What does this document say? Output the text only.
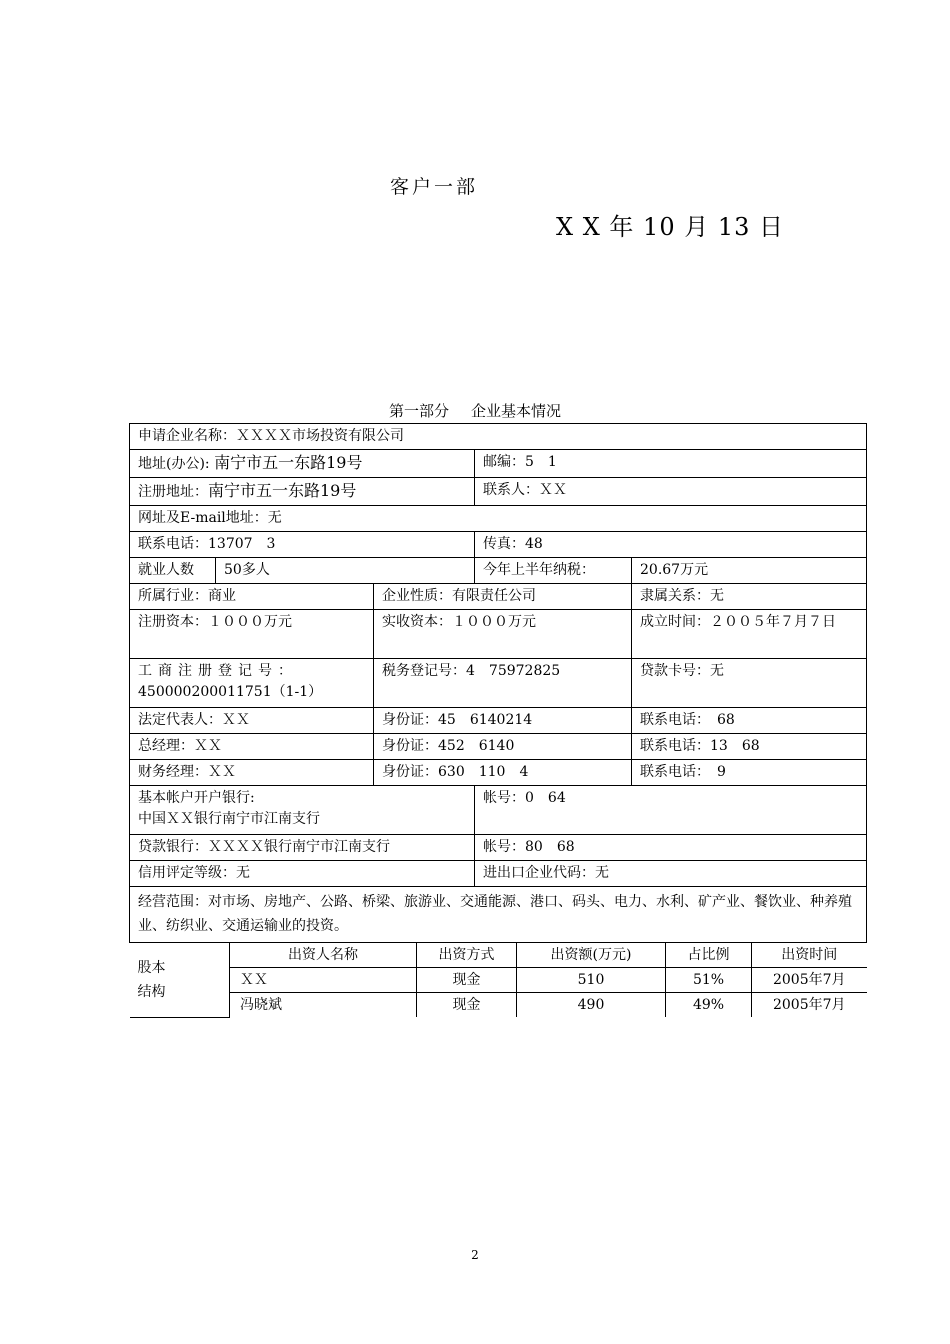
客户一部
X X 年 10 月 13 日
第一部分 企业基本情况
申请企业名称：ＸＸＸＸ市场投资有限公司
地址(办公): 南宁市五一东路19号	邮编：5　1
注册地址：南宁市五一东路19号	联系人：ＸＸ
网址及E-mail地址：无
联系电话：13707　3	传真：48
就业人数	50多人	今年上半年纳税：	20.67万元
所属行业：商业	企业性质：有限责任公司	隶属关系：无
注册资本：１０００万元	实收资本：１０００万元	成立时间：２００５年７月７日

工商注册登记号：
450000200011751（1-1）
	税务登记号：4　75972825	贷款卡号：无
法定代表人：ＸＸ	身份证：45　6140214	联系电话：　68
总经理：ＸＸ	身份证：452　6140	联系电话：13　68
财务经理：ＸＸ	身份证：630　110　4	联系电话：　9

基本帐户开户银行:
中国ＸＸ银行南宁市江南支行
	帐号：0　64
贷款银行：ＸＸＸＸ银行南宁市江南支行	帐号：80　68
信用评定等级：无	进出口企业代码：无
经营范围：对市场、房地产、公路、桥梁、旅游业、交通能源、港口、码头、电力、水利、矿产业、餐饮业、种养殖业、纺织业、交通运输业的投资。

股本
结构	出资人名称	出资方式	出资额(万元)	占比例	出资时间
ＸＸ	现金	510	51%	2005年7月
冯晓斌	现金	490	49%	2005年7月
2
